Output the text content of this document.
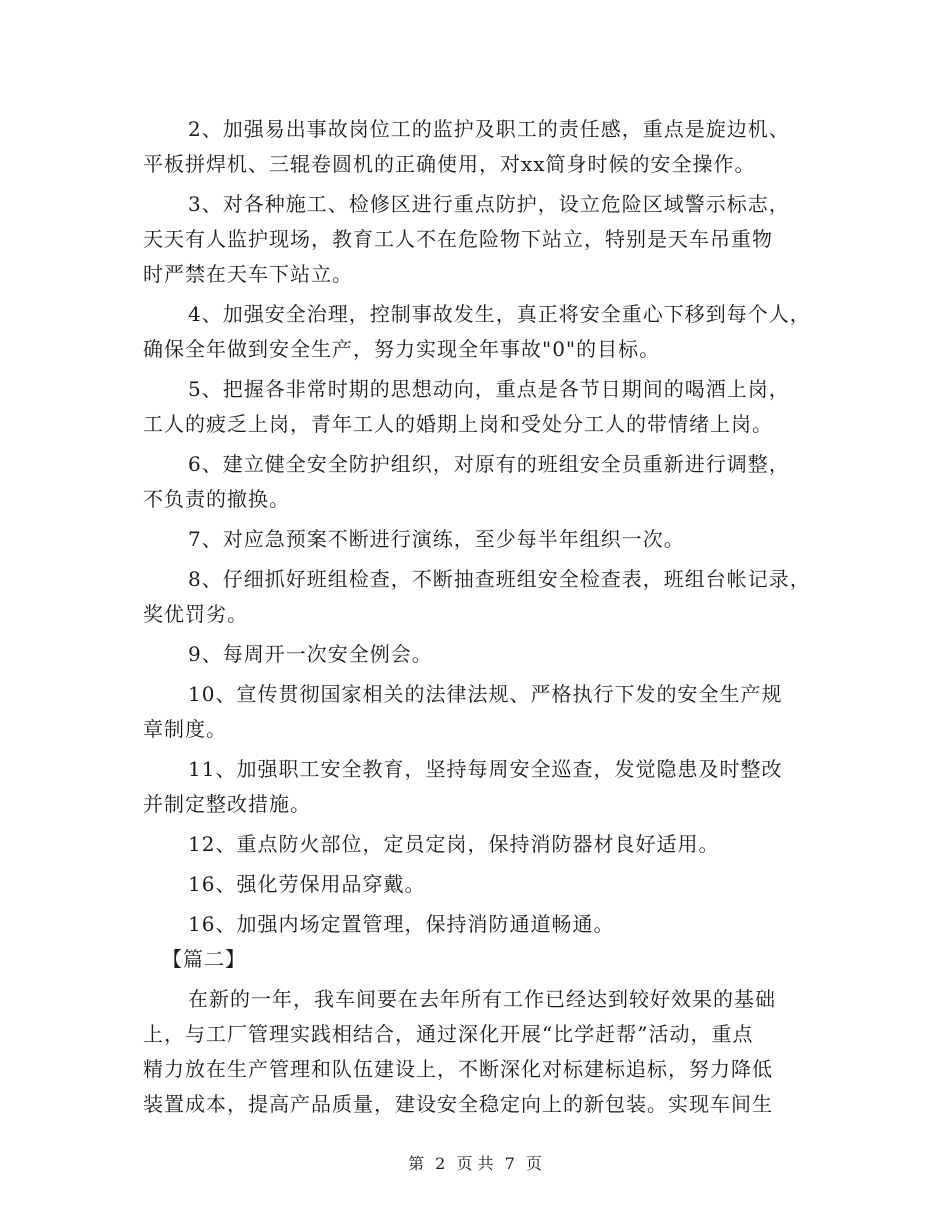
2、加强易出事故岗位工的监护及职工的责任感，重点是旋边机、
平板拼焊机、三辊卷圆机的正确使用，对xx简身时候的安全操作。
3、对各种施工、检修区进行重点防护，设立危险区域警示标志，
天天有人监护现场，教育工人不在危险物下站立，特别是天车吊重物
时严禁在天车下站立。
4、加强安全治理，控制事故发生，真正将安全重心下移到每个人，
确保全年做到安全生产，努力实现全年事故"0"的目标。
5、把握各非常时期的思想动向，重点是各节日期间的喝酒上岗，
工人的疲乏上岗，青年工人的婚期上岗和受处分工人的带情绪上岗。
6、建立健全安全防护组织，对原有的班组安全员重新进行调整，
不负责的撤换。
7、对应急预案不断进行演练，至少每半年组织一次。
8、仔细抓好班组检查，不断抽查班组安全检查表，班组台帐记录，
奖优罚劣。
9、每周开一次安全例会。
10、宣传贯彻国家相关的法律法规、严格执行下发的安全生产规
章制度。
11、加强职工安全教育，坚持每周安全巡查，发觉隐患及时整改
并制定整改措施。
12、重点防火部位，定员定岗，保持消防器材良好适用。
16、强化劳保用品穿戴。
16、加强内场定置管理，保持消防通道畅通。
【篇二】
在新的一年，我车间要在去年所有工作已经达到较好效果的基础
上，与工厂管理实践相结合，通过深化开展“比学赶帮”活动，重点
精力放在生产管理和队伍建设上，不断深化对标建标追标，努力降低
装置成本，提高产品质量，建设安全稳定向上的新包装。实现车间生
第 2 页 共 7 页
